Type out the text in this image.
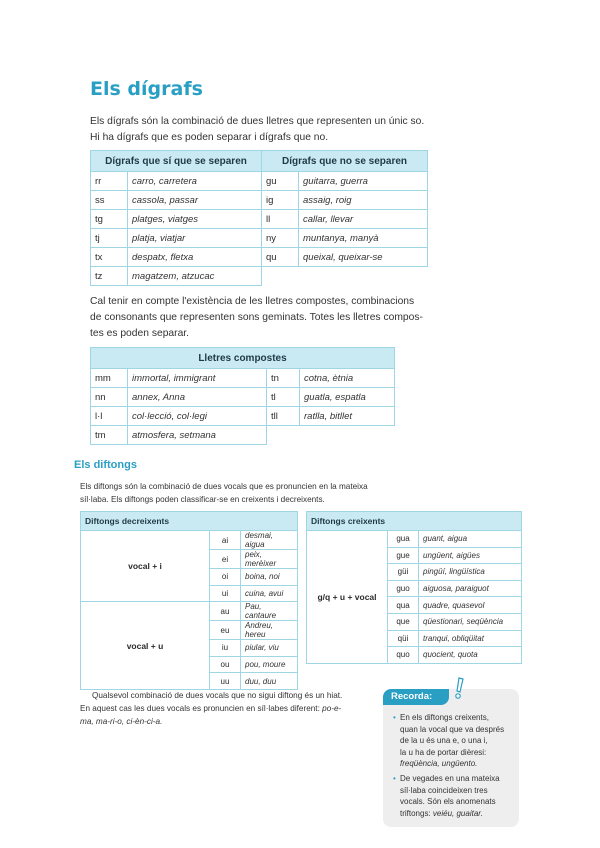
Els dígrafs

Els dígrafs són la combinació de dues lletres que representen un únic so.

Hi ha dígrafs que es poden separar i dígrafs que no.

Dígrafs que sí que se separen		Dígrafs que no se separen	
rr	carro, carretera	gu	guitarra, guerra
ss	cassola, passar	ig	assaig, roig
tg	platges, viatges	ll	callar, llevar
tj	platja, viatjar	ny	muntanya, manyà
tx	despatx, fletxa	qu	queixal, queixar-se
tz	magatzem, atzucac		

Cal tenir en compte l'existència de les lletres compostes, combinacions

de consonants que representen sons geminats. Totes les lletres compos-

tes es poden separar.

Lletres compostes			
mm	immortal, immigrant	tn	cotna, ètnia
nn	annex, Anna	tl	guatla, espatla
l·l	col·lecció, col·legi	tll	ratlla, bitllet
tm	atmosfera, setmana		
Els diftongs
Els diftongs són la combinació de dues vocals que es pronuncien en la mateixa
síl·laba. Els diftongs poden classificar-se en creixents i decreixents.
Diftongs decreixents		
vocal + i	ai	desmai, aigua
	ei	peix, merèixer
	oi	boina, noi
	ui	cuina, avui
vocal + u	au	Pau, cantaure
	eu	Andreu, hereu
	iu	piular, viu
	ou	pou, moure
	uu	duu, duu
Diftongs creixents		
g/q + u + vocal	gua	guant, aigua
	gue	ungüent, aigües
	güi	pingüí, lingüística
	guo	aiguosa, paraiguot
	qua	quadre, quasevol
	que	qüestionari, seqüència
	qüi	tranqui, obliqüitat
	quo	quocient, quota
Qualsevol combinació de dues vocals que no sigui diftong és un hiat.
En aquest cas les dues vocals es pronuncien en síl·labes diferent: po-e-
ma, ma-ri-o, ci-èn-ci-a.
Recorda:
• En els diftongs creixents,
quan la vocal que va després
de la u és una e, o una i,
la u ha de portar dièresi:
freqüència, ungüento.
• De vegades en una mateixa
síl·laba coincideixen tres
vocals. Són els anomenats
triftongs: veiéu, guaitar.
